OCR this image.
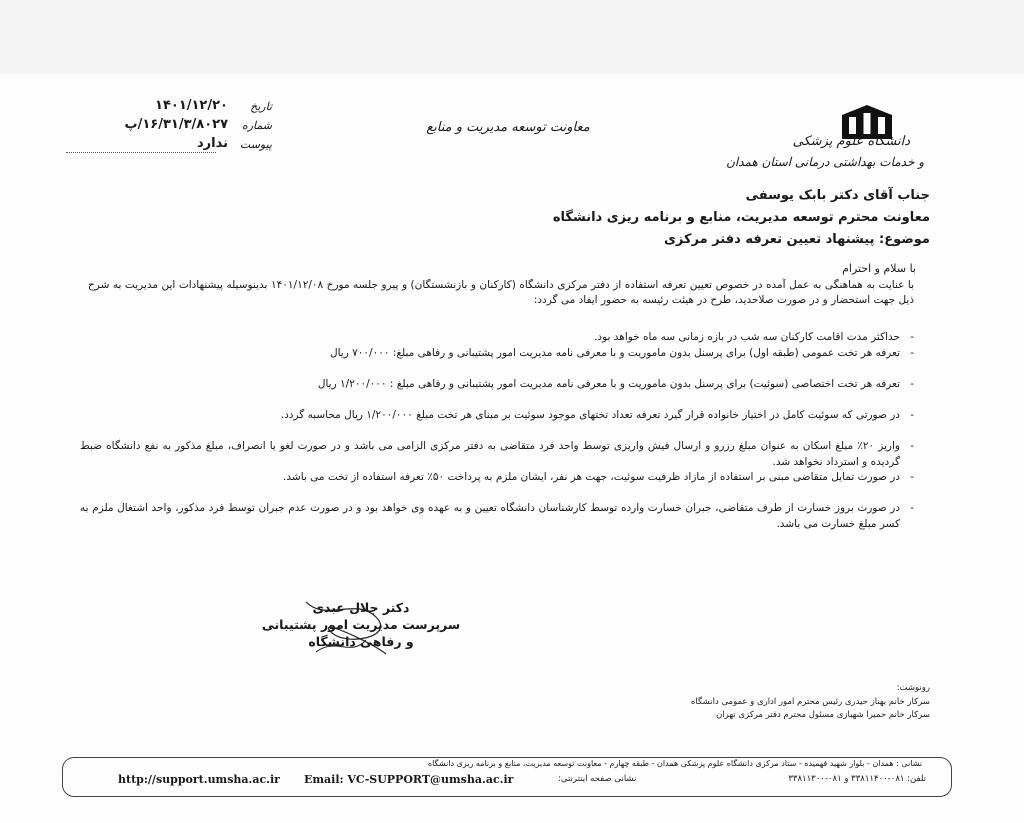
دانشگاه علوم پزشکی
و خدمات بهداشتی درمانی استان همدان
معاونت توسعه مدیریت و منابع
تاریخ
۱۴۰۱/۱۲/۲۰
شماره
۱۶/۳۱/۳/۸۰۲۷/پ
پیوست
ندارد
جناب آقای دکتر بابک یوسفی
معاونت محترم توسعه مدیریت، منابع و برنامه ریزی دانشگاه
موضوع: پیشنهاد تعیین تعرفه دفتر مرکزی
با سلام و احترام
با عنایت به هماهنگی به عمل آمده در خصوص تعیین تعرفه استفاده از دفتر مرکزی دانشگاه (کارکنان و بازنشستگان) و پیرو جلسه مورخ ۱۴۰۱/۱۲/۰۸ بدینوسیله پیشنهادات این مدیریت به شرح ذیل جهت استحضار و در صورت صلاحدید، طرح در هیئت رئیسه به حضور ایفاد می گردد:
-
حداکثر مدت اقامت کارکنان سه شب در بازه زمانی سه ماه خواهد بود.
-
تعرفه هر تخت عمومی (طبقه اول) برای پرسنل بدون ماموریت و با معرفی نامه مدیریت امور پشتیبانی و رفاهی مبلغ: ۷۰۰/۰۰۰ ریال
-
تعرفه هر تخت اختصاصی (سوئیت) برای پرسنل بدون ماموریت و با معرفی نامه مدیریت امور پشتیبانی و رفاهی مبلغ : ۱/۲۰۰/۰۰۰ ریال
-
در صورتی که سوئیت کامل در اختیار خانواده قرار گیرد تعرفه تعداد تختهای موجود سوئیت بر مبنای هر تخت مبلغ ۱/۲۰۰/۰۰۰ ریال محاسبه گردد.
-
واریز ۲۰٪ مبلغ اسکان به عنوان مبلغ رزرو و ارسال فیش واریزی توسط واحد فرد متقاضی به دفتر مرکزی الزامی می باشد و در صورت لغو یا انصراف، مبلغ مذکور به نفع دانشگاه ضبط گردیده و استرداد نخواهد شد.
-
در صورت تمایل متقاضی مبنی بر استفاده از مازاد ظرفیت سوئیت، جهت هر نفر، ایشان ملزم به پرداخت ۵۰٪ تعرفه استفاده از تخت می باشد.
-
در صورت بروز خسارت از طرف متقاضی، جبران خسارت وارده توسط کارشناسان دانشگاه تعیین و به عهده وی خواهد بود و در صورت عدم جبران توسط فرد مذکور، واحد اشتغال ملزم به کسر مبلغ خسارت می باشد.
دکتر جلال عبدی
سرپرست مدیریت امور پشتیبانی
و رفاهی دانشگاه
رونوشت:
سرکار خانم بهناز حیدری رئیس محترم امور اداری و عمومی دانشگاه
سرکار خانم حمیرا شهبازی مسئول محترم دفتر مرکزی تهران
نشانی : همدان - بلوار شهید فهمیده - ستاد مرکزی دانشگاه علوم پزشکی همدان - طبقه چهارم - معاونت توسعه مدیریت، منابع و برنامه ریزی دانشگاه
http://support.umsha.ac.ir Email: VC-SUPPORT@umsha.ac.ir	نشانی صفحه اینترنتی:	تلفن: ۰۸۱-۳۳۸۱۱۴۰۰ و ۰۸۱-۳۳۸۱۱۳۰۰
